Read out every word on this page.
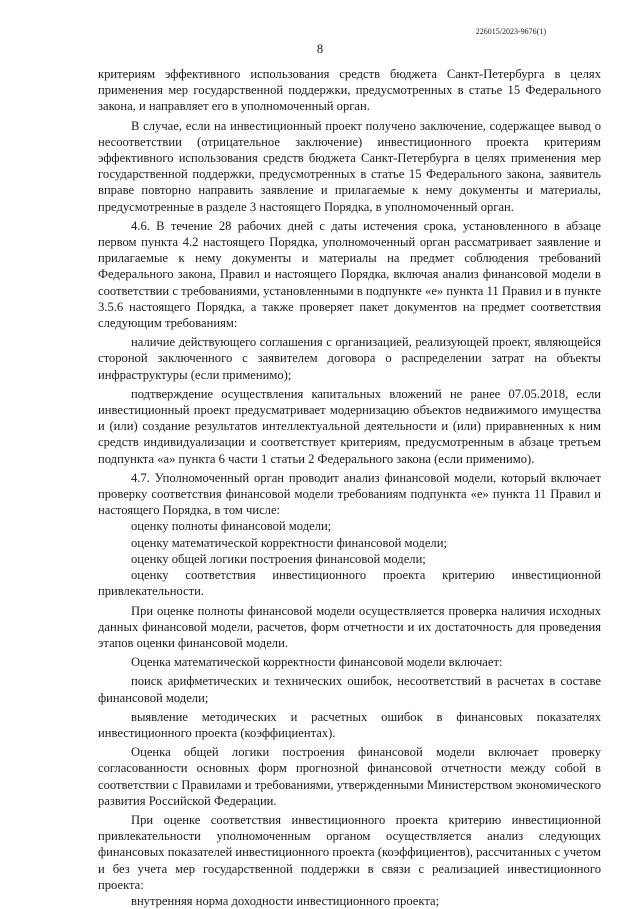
226015/2023-9676(1)
8

критериям эффективного использования средств бюджета Санкт-Петербурга в целях применения мер государственной поддержки, предусмотренных в статье 15 Федерального закона, и направляет его в уполномоченный орган.

В случае, если на инвестиционный проект получено заключение, содержащее вывод о несоответствии (отрицательное заключение) инвестиционного проекта критериям эффективного использования средств бюджета Санкт-Петербурга в целях применения мер государственной поддержки, предусмотренных в статье 15 Федерального закона, заявитель вправе повторно направить заявление и прилагаемые к нему документы и материалы, предусмотренные в разделе 3 настоящего Порядка, в уполномоченный орган.

4.6. В течение 28 рабочих дней с даты истечения срока, установленного в абзаце первом пункта 4.2 настоящего Порядка, уполномоченный орган рассматривает заявление и прилагаемые к нему документы и материалы на предмет соблюдения требований Федерального закона, Правил и настоящего Порядка, включая анализ финансовой модели в соответствии с требованиями, установленными в подпункте «е» пункта 11 Правил и в пункте 3.5.6 настоящего Порядка, а также проверяет пакет документов на предмет соответствия следующим требованиям:

наличие действующего соглашения с организацией, реализующей проект, являющейся стороной заключенного с заявителем договора о распределении затрат на объекты инфраструктуры (если применимо);

подтверждение осуществления капитальных вложений не ранее 07.05.2018, если инвестиционный проект предусматривает модернизацию объектов недвижимого имущества и (или) создание результатов интеллектуальной деятельности и (или) приравненных к ним средств индивидуализации и соответствует критериям, предусмотренным в абзаце третьем подпункта «а» пункта 6 части 1 статьи 2 Федерального закона (если применимо).

4.7. Уполномоченный орган проводит анализ финансовой модели, который включает проверку соответствия финансовой модели требованиям подпункта «е» пункта 11 Правил и настоящего Порядка, в том числе:

оценку полноты финансовой модели;

оценку математической корректности финансовой модели;

оценку общей логики построения финансовой модели;

оценку соответствия инвестиционного проекта критерию инвестиционной привлекательности.

При оценке полноты финансовой модели осуществляется проверка наличия исходных данных финансовой модели, расчетов, форм отчетности и их достаточность для проведения этапов оценки финансовой модели.

Оценка математической корректности финансовой модели включает:

поиск арифметических и технических ошибок, несоответствий в расчетах в составе финансовой модели;

выявление методических и расчетных ошибок в финансовых показателях инвестиционного проекта (коэффициентах).

Оценка общей логики построения финансовой модели включает проверку согласованности основных форм прогнозной финансовой отчетности между собой в соответствии с Правилами и требованиями, утвержденными Министерством экономического развития Российской Федерации.

При оценке соответствия инвестиционного проекта критерию инвестиционной привлекательности уполномоченным органом осуществляется анализ следующих финансовых показателей инвестиционного проекта (коэффициентов), рассчитанных с учетом и без учета мер государственной поддержки в связи с реализацией инвестиционного проекта:

внутренняя норма доходности инвестиционного проекта;
